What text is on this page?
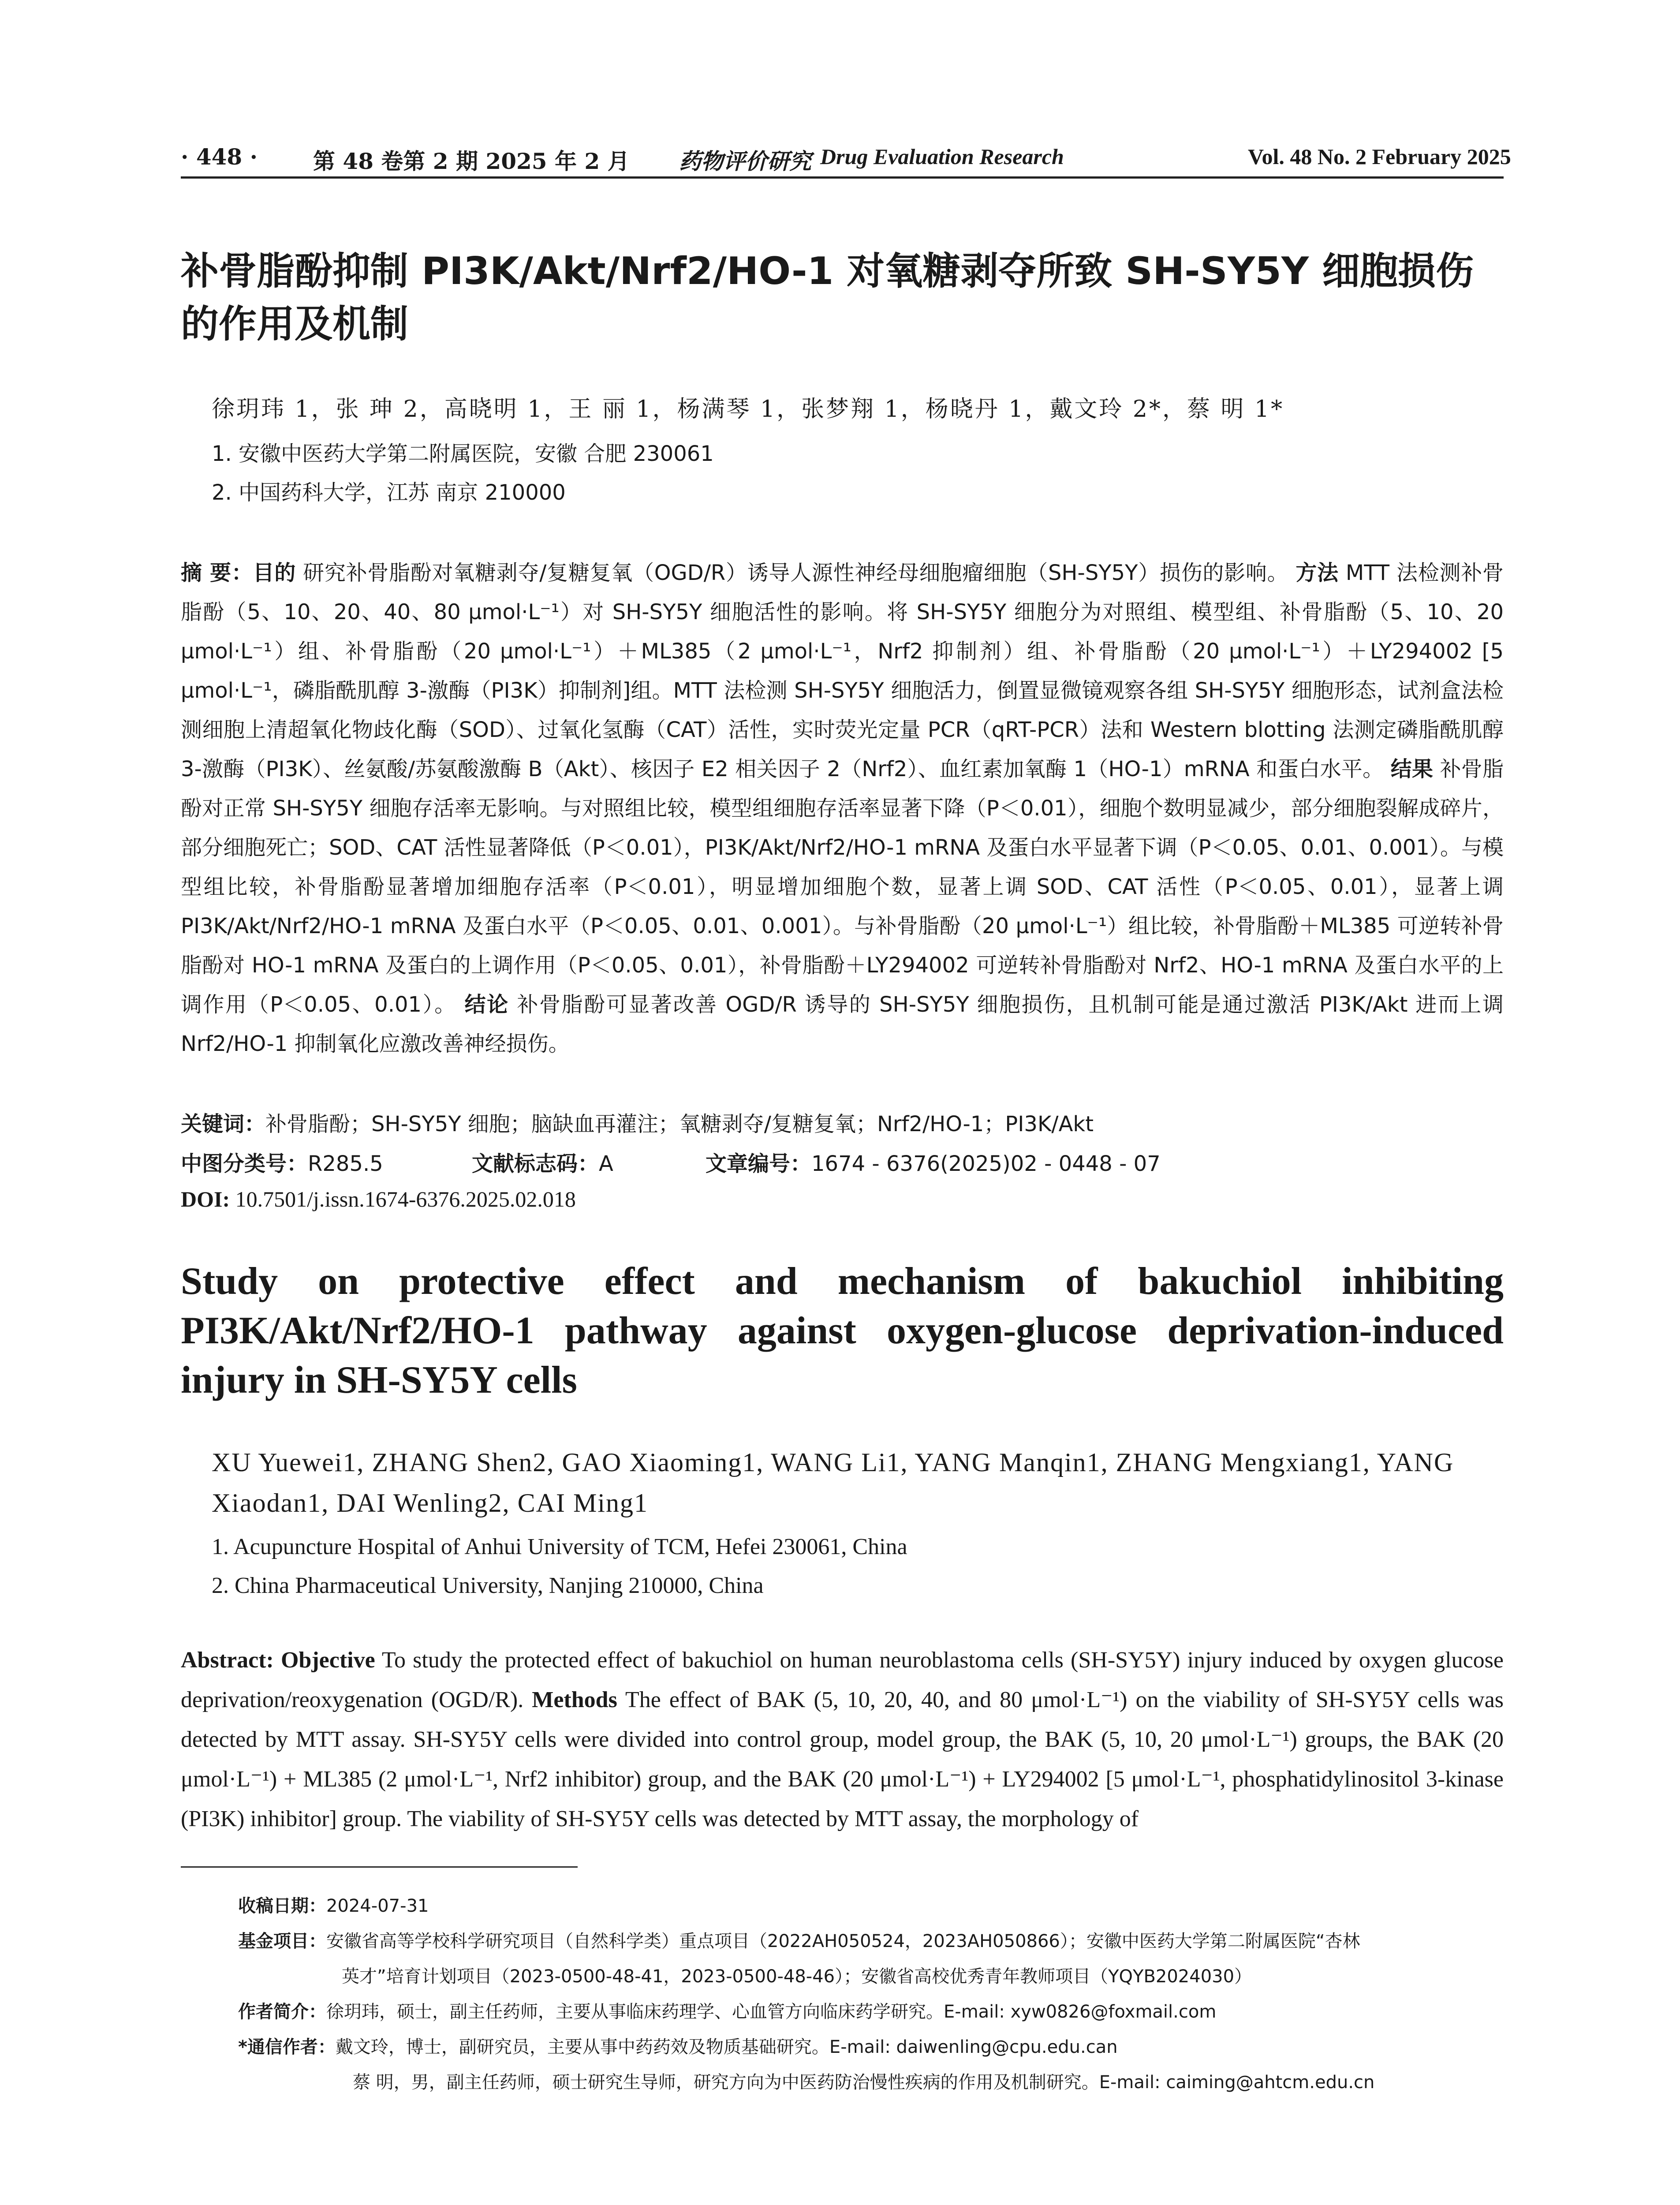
· 448 ·	第 48 卷第 2 期 2025 年 2 月 药物评价研究 Drug Evaluation Research	Vol. 48 No. 2 February 2025
补骨脂酚抑制 PI3K/Akt/Nrf2/HO-1 对氧糖剥夺所致 SH-SY5Y 细胞损伤的作用及机制
徐玥玮 1，张 珅 2，高晓明 1，王 丽 1，杨满琴 1，张梦翔 1，杨晓丹 1，戴文玲 2*，蔡 明 1*
1. 安徽中医药大学第二附属医院，安徽 合肥 230061
2. 中国药科大学，江苏 南京 210000
摘 要：目的 研究补骨脂酚对氧糖剥夺/复糖复氧（OGD/R）诱导人源性神经母细胞瘤细胞（SH-SY5Y）损伤的影响。 方法 MTT 法检测补骨脂酚（5、10、20、40、80 μmol·L⁻¹）对 SH-SY5Y 细胞活性的影响。将 SH-SY5Y 细胞分为对照组、模型组、补骨脂酚（5、10、20 μmol·L⁻¹）组、补骨脂酚（20 μmol·L⁻¹）＋ML385（2 μmol·L⁻¹，Nrf2 抑制剂）组、补骨脂酚（20 μmol·L⁻¹）＋LY294002 [5 μmol·L⁻¹，磷脂酰肌醇 3-激酶（PI3K）抑制剂]组。MTT 法检测 SH-SY5Y 细胞活力，倒置显微镜观察各组 SH-SY5Y 细胞形态，试剂盒法检测细胞上清超氧化物歧化酶（SOD）、过氧化氢酶（CAT）活性，实时荧光定量 PCR（qRT-PCR）法和 Western blotting 法测定磷脂酰肌醇 3-激酶（PI3K）、丝氨酸/苏氨酸激酶 B（Akt）、核因子 E2 相关因子 2（Nrf2）、血红素加氧酶 1（HO-1）mRNA 和蛋白水平。 结果 补骨脂酚对正常 SH-SY5Y 细胞存活率无影响。与对照组比较，模型组细胞存活率显著下降（P＜0.01），细胞个数明显减少，部分细胞裂解成碎片，部分细胞死亡；SOD、CAT 活性显著降低（P＜0.01），PI3K/Akt/Nrf2/HO-1 mRNA 及蛋白水平显著下调（P＜0.05、0.01、0.001）。与模型组比较，补骨脂酚显著增加细胞存活率（P＜0.01），明显增加细胞个数，显著上调 SOD、CAT 活性（P＜0.05、0.01），显著上调 PI3K/Akt/Nrf2/HO-1 mRNA 及蛋白水平（P＜0.05、0.01、0.001）。与补骨脂酚（20 μmol·L⁻¹）组比较，补骨脂酚＋ML385 可逆转补骨脂酚对 HO-1 mRNA 及蛋白的上调作用（P＜0.05、0.01），补骨脂酚＋LY294002 可逆转补骨脂酚对 Nrf2、HO-1 mRNA 及蛋白水平的上调作用（P＜0.05、0.01）。 结论 补骨脂酚可显著改善 OGD/R 诱导的 SH-SY5Y 细胞损伤，且机制可能是通过激活 PI3K/Akt 进而上调 Nrf2/HO-1 抑制氧化应激改善神经损伤。
关键词：补骨脂酚；SH-SY5Y 细胞；脑缺血再灌注；氧糖剥夺/复糖复氧；Nrf2/HO-1；PI3K/Akt
中图分类号：R285.5	文献标志码：A	文章编号：1674 - 6376(2025)02 - 0448 - 07
DOI: 10.7501/j.issn.1674-6376.2025.02.018
Study on protective effect and mechanism of bakuchiol inhibiting PI3K/Akt/Nrf2/HO-1 pathway against oxygen-glucose deprivation-induced injury in SH-SY5Y cells
XU Yuewei1, ZHANG Shen2, GAO Xiaoming1, WANG Li1, YANG Manqin1, ZHANG Mengxiang1, YANG Xiaodan1, DAI Wenling2, CAI Ming1
1. Acupuncture Hospital of Anhui University of TCM, Hefei 230061, China
2. China Pharmaceutical University, Nanjing 210000, China
Abstract: Objective To study the protected effect of bakuchiol on human neuroblastoma cells (SH-SY5Y) injury induced by oxygen glucose deprivation/reoxygenation (OGD/R). Methods The effect of BAK (5, 10, 20, 40, and 80 μmol·L⁻¹) on the viability of SH-SY5Y cells was detected by MTT assay. SH-SY5Y cells were divided into control group, model group, the BAK (5, 10, 20 μmol·L⁻¹) groups, the BAK (20 μmol·L⁻¹) + ML385 (2 μmol·L⁻¹, Nrf2 inhibitor) group, and the BAK (20 μmol·L⁻¹) + LY294002 [5 μmol·L⁻¹, phosphatidylinositol 3-kinase (PI3K) inhibitor] group. The viability of SH-SY5Y cells was detected by MTT assay, the morphology of
收稿日期：2024-07-31
基金项目：安徽省高等学校科学研究项目（自然科学类）重点项目（2022AH050524，2023AH050866）；安徽中医药大学第二附属医院“杏林
英才”培育计划项目（2023-0500-48-41，2023-0500-48-46）；安徽省高校优秀青年教师项目（YQYB2024030）
作者简介：徐玥玮，硕士，副主任药师，主要从事临床药理学、心血管方向临床药学研究。E-mail: xyw0826@foxmail.com
*通信作者：戴文玲，博士，副研究员，主要从事中药药效及物质基础研究。E-mail: daiwenling@cpu.edu.can
蔡 明，男，副主任药师，硕士研究生导师，研究方向为中医药防治慢性疾病的作用及机制研究。E-mail: caiming@ahtcm.edu.cn
